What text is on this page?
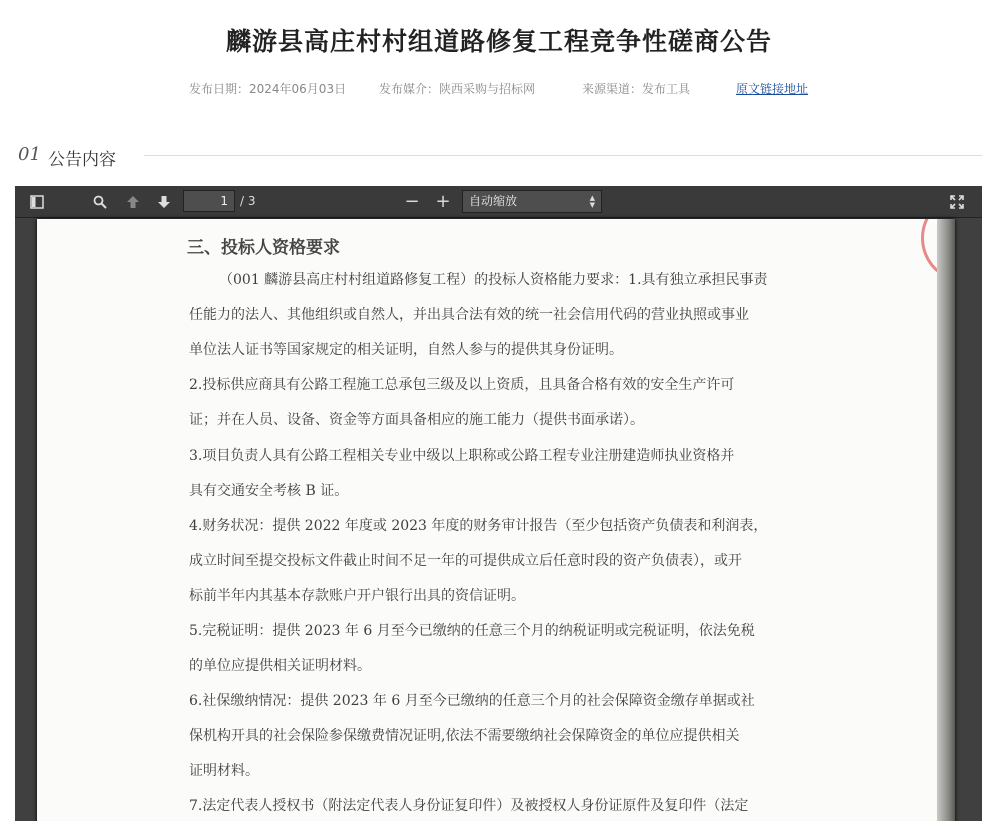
麟游县高庄村村组道路修复工程竞争性磋商公告
发布日期：2024年06月03日	发布媒介：陕西采购与招标网	来源渠道：发布工具	原文链接地址
01 公告内容
1	/ 3	− +	自动缩放	▲
▼
三、投标人资格要求
（001 麟游县高庄村村组道路修复工程）的投标人资格能力要求：1.具有独立承担民事责
任能力的法人、其他组织或自然人，并出具合法有效的统一社会信用代码的营业执照或事业
单位法人证书等国家规定的相关证明，自然人参与的提供其身份证明。
2.投标供应商具有公路工程施工总承包三级及以上资质，且具备合格有效的安全生产许可
证；并在人员、设备、资金等方面具备相应的施工能力（提供书面承诺）。
3.项目负责人具有公路工程相关专业中级以上职称或公路工程专业注册建造师执业资格并
具有交通安全考核 B 证。
4.财务状况：提供 2022 年度或 2023 年度的财务审计报告（至少包括资产负债表和利润表，
成立时间至提交投标文件截止时间不足一年的可提供成立后任意时段的资产负债表），或开
标前半年内其基本存款账户开户银行出具的资信证明。
5.完税证明：提供 2023 年 6 月至今已缴纳的任意三个月的纳税证明或完税证明，依法免税
的单位应提供相关证明材料。
6.社保缴纳情况：提供 2023 年 6 月至今已缴纳的任意三个月的社会保障资金缴存单据或社
保机构开具的社会保险参保缴费情况证明,依法不需要缴纳社会保障资金的单位应提供相关
证明材料。
7.法定代表人授权书（附法定代表人身份证复印件）及被授权人身份证原件及复印件（法定
